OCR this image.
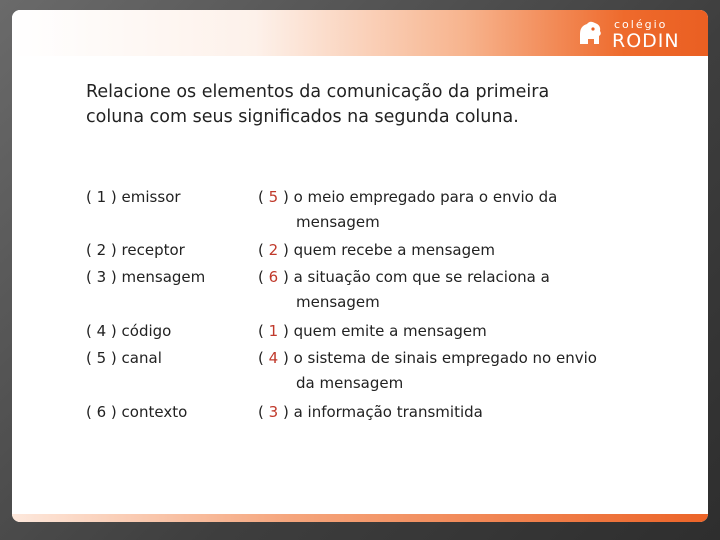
colégio
RODIN
Relacione os elementos da comunicação da primeira
coluna com seus significados na segunda coluna.
( 1 ) emissor
( 2 ) receptor
( 3 ) mensagem
( 4 ) código
( 5 ) canal
( 6 ) contexto
( 5 ) o meio empregado para o envio da
mensagem
( 2 ) quem recebe a mensagem
( 6 ) a situação com que se relaciona a
mensagem
( 1 ) quem emite a mensagem
( 4 ) o sistema de sinais empregado no envio
da mensagem
( 3 ) a informação transmitida
